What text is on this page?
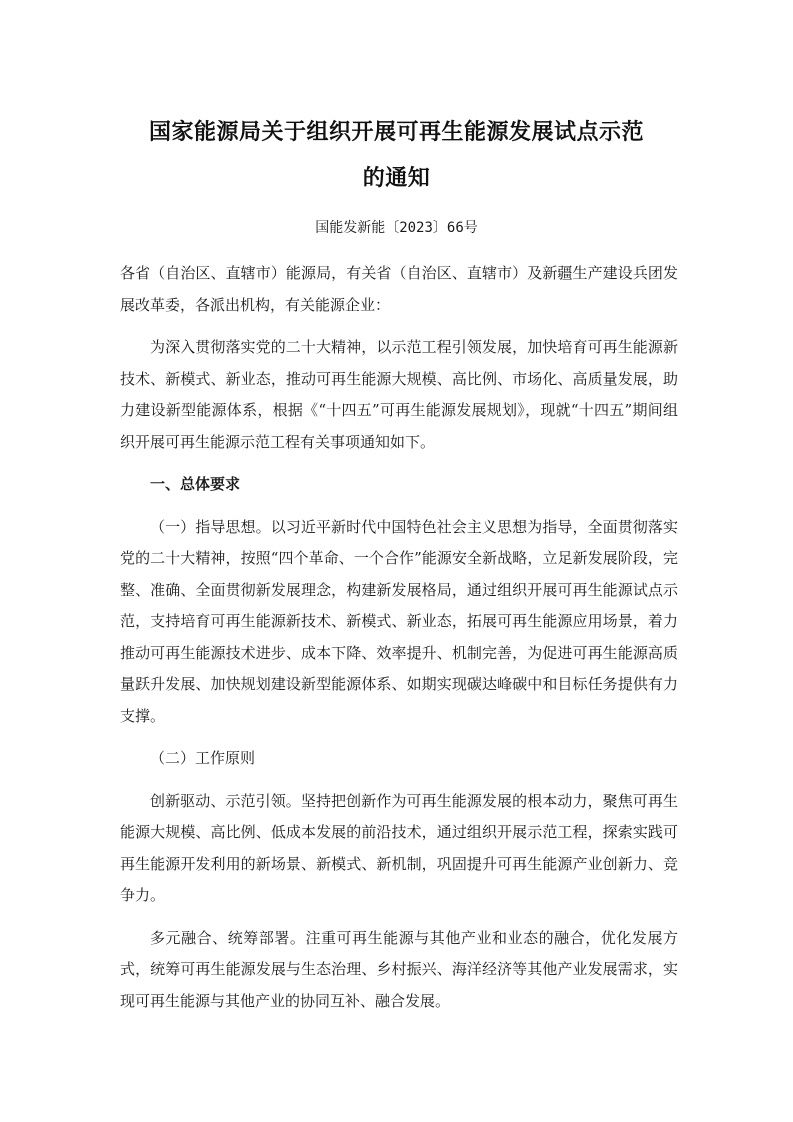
国家能源局关于组织开展可再生能源发展试点示范
的通知
国能发新能〔2023〕66号

各省（自治区、直辖市）能源局，有关省（自治区、直辖市）及新疆生产建设兵团发展改革委，各派出机构，有关能源企业：

为深入贯彻落实党的二十大精神，以示范工程引领发展，加快培育可再生能源新技术、新模式、新业态，推动可再生能源大规模、高比例、市场化、高质量发展，助力建设新型能源体系，根据《“十四五”可再生能源发展规划》，现就“十四五”期间组织开展可再生能源示范工程有关事项通知如下。

一、总体要求

（一）指导思想。以习近平新时代中国特色社会主义思想为指导，全面贯彻落实党的二十大精神，按照“四个革命、一个合作”能源安全新战略，立足新发展阶段，完整、准确、全面贯彻新发展理念，构建新发展格局，通过组织开展可再生能源试点示范，支持培育可再生能源新技术、新模式、新业态，拓展可再生能源应用场景，着力推动可再生能源技术进步、成本下降、效率提升、机制完善，为促进可再生能源高质量跃升发展、加快规划建设新型能源体系、如期实现碳达峰碳中和目标任务提供有力支撑。

（二）工作原则

创新驱动、示范引领。坚持把创新作为可再生能源发展的根本动力，聚焦可再生能源大规模、高比例、低成本发展的前沿技术，通过组织开展示范工程，探索实践可再生能源开发利用的新场景、新模式、新机制，巩固提升可再生能源产业创新力、竞争力。

多元融合、统筹部署。注重可再生能源与其他产业和业态的融合，优化发展方式，统筹可再生能源发展与生态治理、乡村振兴、海洋经济等其他产业发展需求，实现可再生能源与其他产业的协同互补、融合发展。
